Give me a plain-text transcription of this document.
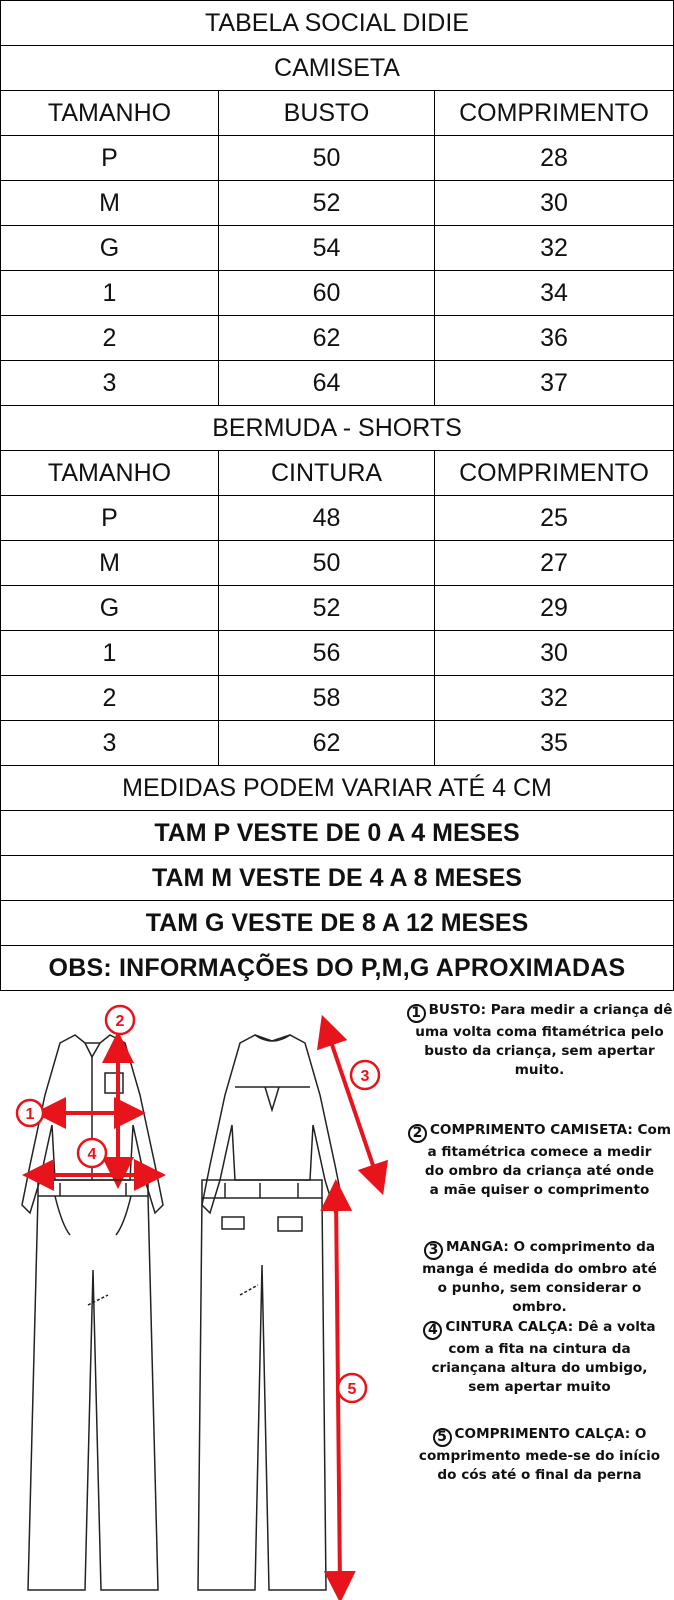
TABELA SOCIAL DIDIE
CAMISETA
TAMANHO	BUSTO	COMPRIMENTO
P	50	28
M	52	30
G	54	32
1	60	34
2	62	36
3	64	37
BERMUDA - SHORTS
TAMANHO	CINTURA	COMPRIMENTO
P	48	25
M	50	27
G	52	29
1	56	30
2	58	32
3	62	35
MEDIDAS PODEM VARIAR ATÉ 4 CM
TAM P VESTE DE 0 A 4 MESES
TAM M VESTE DE 4 A 8 MESES
TAM G VESTE DE 8 A 12 MESES
OBS: INFORMAÇÕES DO P,M,G APROXIMADAS
1
2
3
4
5
1 BUSTO: Para medir a criança dê
uma volta coma fitamétrica pelo
busto da criança, sem apertar
muito.
2 COMPRIMENTO CAMISETA: Com
a fitamétrica comece a medir
do ombro da criança até onde
a mãe quiser o comprimento
3 MANGA: O comprimento da
manga é medida do ombro até
o punho, sem considerar o
ombro.
4 CINTURA CALÇA: Dê a volta
com a fita na cintura da
criançana altura do umbigo,
sem apertar muito
5 COMPRIMENTO CALÇA: O
comprimento mede-se do início
do cós até o final da perna
